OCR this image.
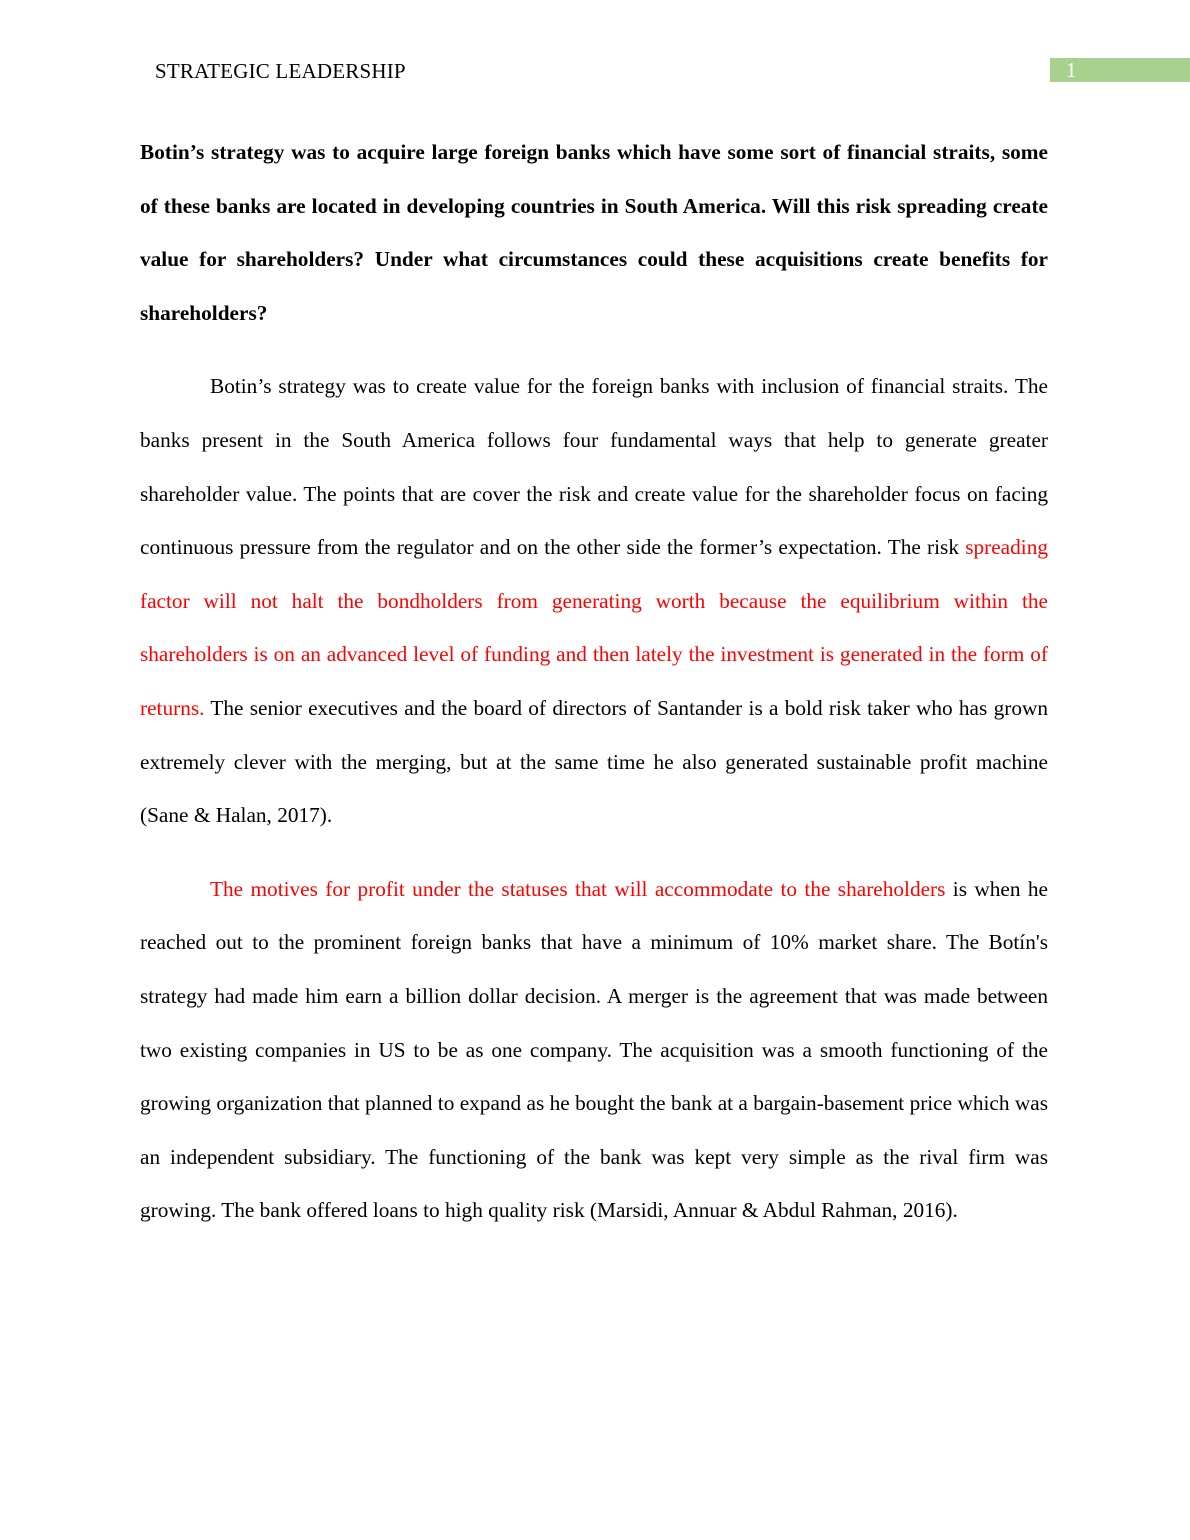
STRATEGIC LEADERSHIP	1

Botin’s strategy was to acquire large foreign banks which have some sort of financial straits, some of these banks are located in developing countries in South America. Will this risk spreading create value for shareholders? Under what circumstances could these acquisitions create benefits for shareholders?

Botin’s strategy was to create value for the foreign banks with inclusion of financial straits. The banks present in the South America follows four fundamental ways that help to generate greater shareholder value. The points that are cover the risk and create value for the shareholder focus on facing continuous pressure from the regulator and on the other side the former’s expectation. The risk spreading factor will not halt the bondholders from generating worth because the equilibrium within the shareholders is on an advanced level of funding and then lately the investment is generated in the form of returns. The senior executives and the board of directors of Santander is a bold risk taker who has grown extremely clever with the merging, but at the same time he also generated sustainable profit machine (Sane & Halan, 2017).

The motives for profit under the statuses that will accommodate to the shareholders is when he reached out to the prominent foreign banks that have a minimum of 10% market share. The Botín's strategy had made him earn a billion dollar decision. A merger is the agreement that was made between two existing companies in US to be as one company. The acquisition was a smooth functioning of the growing organization that planned to expand as he bought the bank at a bargain-basement price which was an independent subsidiary. The functioning of the bank was kept very simple as the rival firm was growing. The bank offered loans to high quality risk (Marsidi, Annuar & Abdul Rahman, 2016).
